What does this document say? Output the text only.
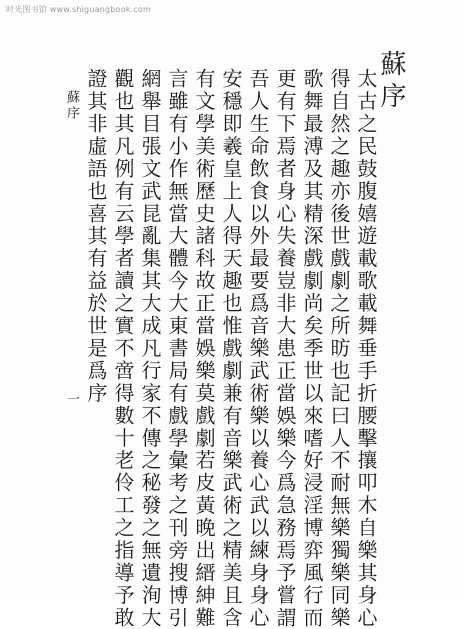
时光图书馆 www.shiguangbook.com
蘇序
太古之民鼓腹嬉遊載歌載舞垂手折腰擊攘叩木自樂其身心
得自然之趣亦後世戲劇之所昉也記曰人不耐無樂獨樂同樂
歌舞最溥及其精深戲劇尚矣季世以來嗜好浸淫博弈風行而
更有下焉者身心失養豈非大患正當娛樂今爲急務焉予嘗謂
吾人生命飲食以外最要爲音樂武術樂以養心武以練身身心
安穩即羲皇上人得天趣也惟戲劇兼有音樂武術之精美且含
有文學美術歷史諸科故正當娛樂莫戲劇若皮黃晚出縉紳難
言雖有小作無當大體今大東書局有戲學彙考之刊旁搜博引
網舉目張文武昆亂集其大成凡行家不傳之秘發之無遺洵大
觀也其凡例有云學者讀之實不啻得數十老伶工之指導予敢
證其非虛語也喜其有益於世是爲序
蘇序
一
